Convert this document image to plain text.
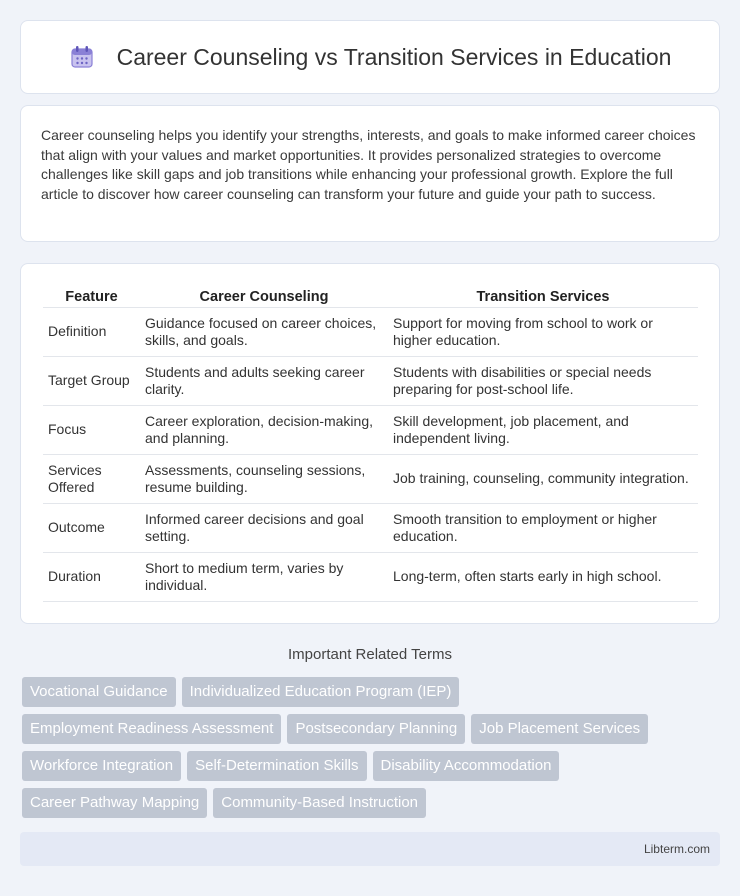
Career Counseling vs Transition Services in Education

Career counseling helps you identify your strengths, interests, and goals to make informed career choices that align with your values and market opportunities. It provides personalized strategies to overcome challenges like skill gaps and job transitions while enhancing your professional growth. Explore the full article to discover how career counseling can transform your future and guide your path to success.

Feature	Career Counseling	Transition Services
Definition	Guidance focused on career choices, skills, and goals.	Support for moving from school to work or higher education.
Target Group	Students and adults seeking career clarity.	Students with disabilities or special needs preparing for post-school life.
Focus	Career exploration, decision-making, and planning.	Skill development, job placement, and independent living.
Services Offered	Assessments, counseling sessions, resume building.	Job training, counseling, community integration.
Outcome	Informed career decisions and goal setting.	Smooth transition to employment or higher education.
Duration	Short to medium term, varies by individual.	Long-term, often starts early in high school.
Important Related Terms
Vocational Guidance	Individualized Education Program (IEP)
Employment Readiness Assessment	Postsecondary Planning	Job Placement Services
Workforce Integration	Self-Determination Skills	Disability Accommodation
Career Pathway Mapping	Community-Based Instruction
Libterm.com
